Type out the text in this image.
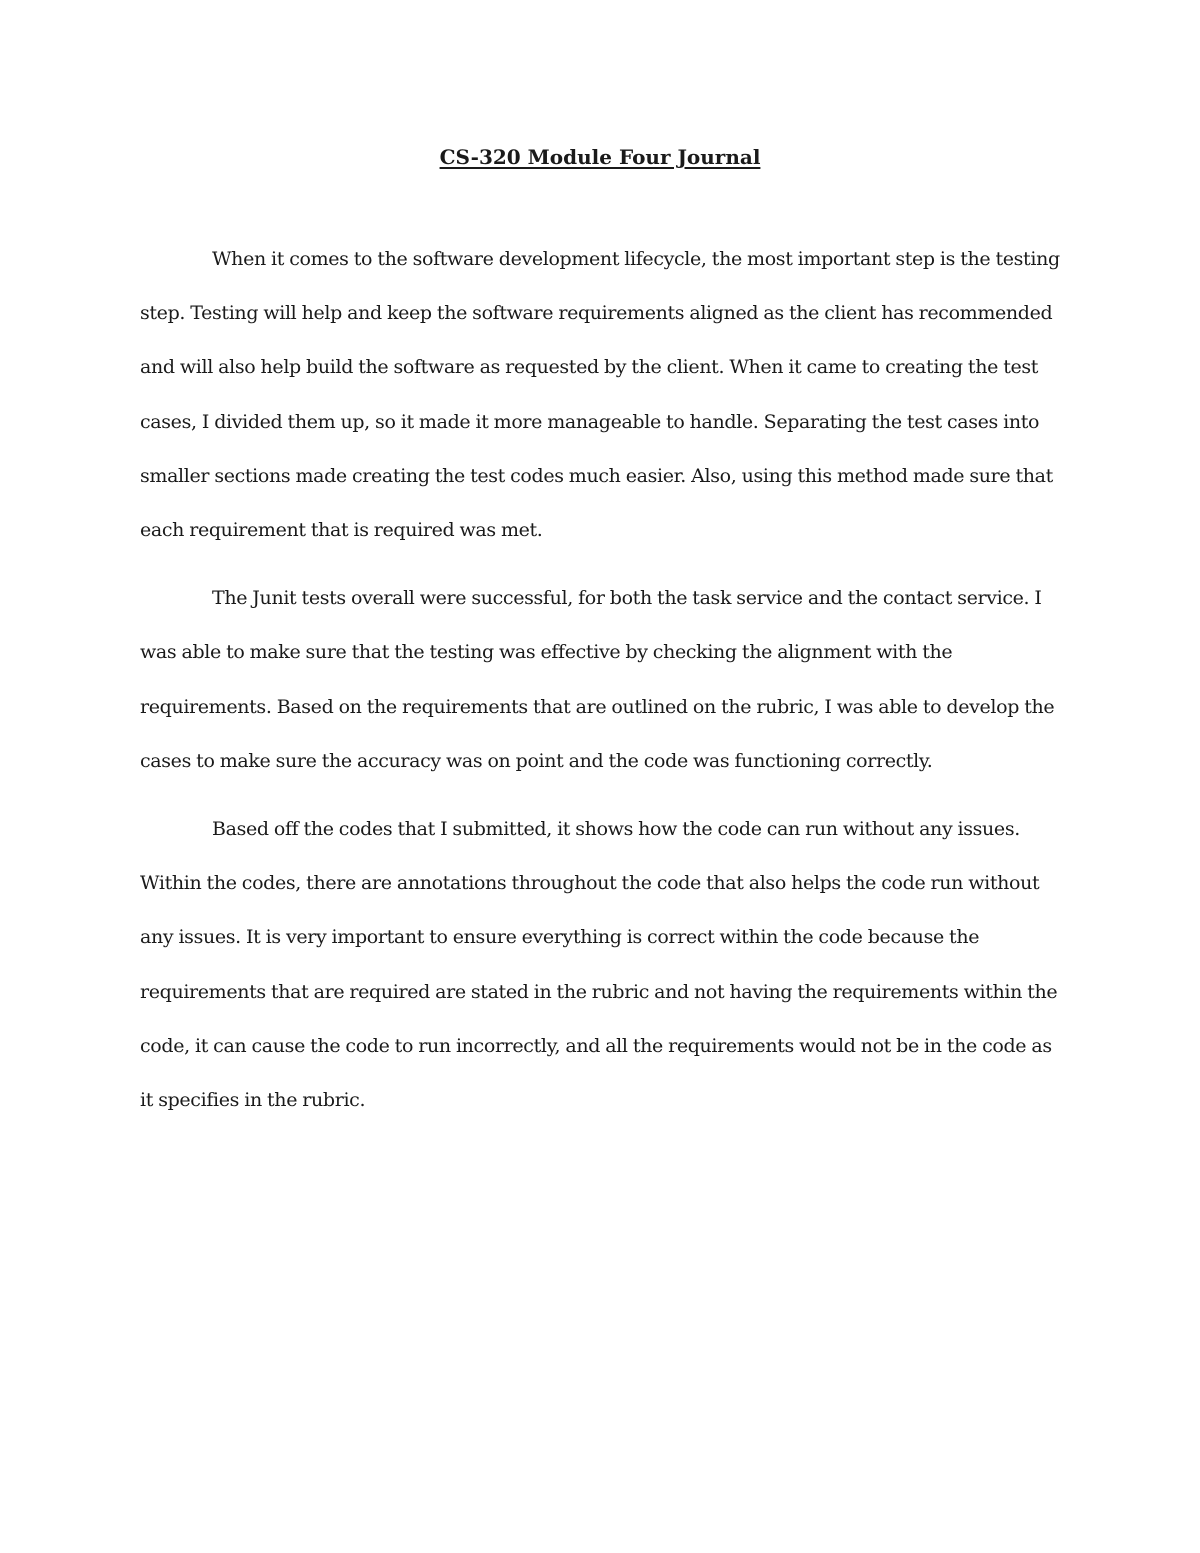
CS-320 Module Four Journal

When it comes to the software development lifecycle, the most important step is the testing step. Testing will help and keep the software requirements aligned as the client has recommended and will also help build the software as requested by the client. When it came to creating the test cases, I divided them up, so it made it more manageable to handle. Separating the test cases into smaller sections made creating the test codes much easier. Also, using this method made sure that each requirement that is required was met.

The Junit tests overall were successful, for both the task service and the contact service. I was able to make sure that the testing was effective by checking the alignment with the requirements. Based on the requirements that are outlined on the rubric, I was able to develop the cases to make sure the accuracy was on point and the code was functioning correctly.

Based off the codes that I submitted, it shows how the code can run without any issues. Within the codes, there are annotations throughout the code that also helps the code run without any issues. It is very important to ensure everything is correct within the code because the requirements that are required are stated in the rubric and not having the requirements within the code, it can cause the code to run incorrectly, and all the requirements would not be in the code as it specifies in the rubric.
